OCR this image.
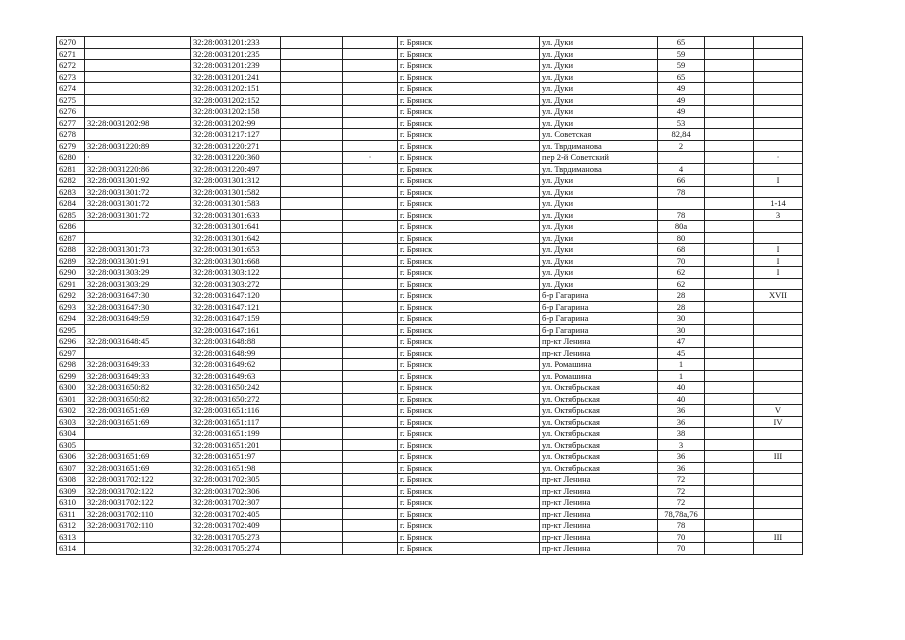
6270		32:28:0031201:233			г. Брянск	ул. Дуки	65		
6271		32:28:0031201:235			г. Брянск	ул. Дуки	59		
6272		32:28:0031201:239			г. Брянск	ул. Дуки	59		
6273		32:28:0031201:241			г. Брянск	ул. Дуки	65		
6274		32:28:0031202:151			г. Брянск	ул. Дуки	49		
6275		32:28:0031202:152			г. Брянск	ул. Дуки	49		
6276		32:28:0031202:158			г. Брянск	ул. Дуки	49		
6277	32:28:0031202:98	32:28:0031202:99			г. Брянск	ул. Дуки	53		
6278		32:28:0031217:127			г. Брянск	ул. Советская	82,84		
6279	32:28:0031220:89	32:28:0031220:271			г. Брянск	ул. Тврдиманова	2		
6280	·	32:28:0031220:360		·	г. Брянск	пер 2-й Советский			·
6281	32:28:0031220:86	32:28:0031220:497			г. Брянск	ул. Тврдиманова	4		
6282	32:28:0031301:92	32:28:0031301:312			г. Брянск	ул. Дуки	66		I
6283	32:28:0031301:72	32:28:0031301:582			г. Брянск	ул. Дуки	78		
6284	32:28:0031301:72	32:28:0031301:583			г. Брянск	ул. Дуки			1-14
6285	32:28:0031301:72	32:28:0031301:633			г. Брянск	ул. Дуки	78		3
6286		32:28:0031301:641			г. Брянск	ул. Дуки	80а		
6287		32:28:0031301:642			г. Брянск	ул. Дуки	80		
6288	32:28:0031301:73	32:28:0031301:653			г. Брянск	ул. Дуки	68		I
6289	32:28:0031301:91	32:28:0031301:668			г. Брянск	ул. Дуки	70		I
6290	32:28:0031303:29	32:28:0031303:122			г. Брянск	ул. Дуки	62		I
6291	32:28:0031303:29	32:28:0031303:272			г. Брянск	ул. Дуки	62		
6292	32:28:0031647:30	32:28:0031647:120			г. Брянск	б-р Гагарина	28		XVII
6293	32:28:0031647:30	32:28:0031647:121			г. Брянск	б-р Гагарина	28		
6294	32:28:0031649:59	32:28:0031647:159			г. Брянск	б-р Гагарина	30		
6295		32:28:0031647:161			г. Брянск	б-р Гагарина	30		
6296	32:28:0031648:45	32:28:0031648:88			г. Брянск	пр-кт Ленина	47		
6297		32:28:0031648:99			г. Брянск	пр-кт Ленина	45		
6298	32:28:0031649:33	32:28:0031649:62			г. Брянск	ул. Ромашина	1		
6299	32:28:0031649:33	32:28:0031649:63			г. Брянск	ул. Ромашина	1		
6300	32:28:0031650:82	32:28:0031650:242			г. Брянск	ул. Октябрьская	40		
6301	32:28:0031650:82	32:28:0031650:272			г. Брянск	ул. Октябрьская	40		
6302	32:28:0031651:69	32:28:0031651:116			г. Брянск	ул. Октябрьская	36		V
6303	32:28:0031651:69	32:28:0031651:117			г. Брянск	ул. Октябрьская	36		IV
6304		32:28:0031651:199			г. Брянск	ул. Октябрьская	38		
6305		32:28:0031651:201			г. Брянск	ул. Октябрьская	3		
6306	32:28:0031651:69	32:28:0031651:97			г. Брянск	ул. Октябрьская	36		III
6307	32:28:0031651:69	32:28:0031651:98			г. Брянск	ул. Октябрьская	36		
6308	32:28:0031702:122	32:28:0031702:305			г. Брянск	пр-кт Ленина	72		
6309	32:28:0031702:122	32:28:0031702:306			г. Брянск	пр-кт Ленина	72		
6310	32:28:0031702:122	32:28:0031702:307			г. Брянск	пр-кт Ленина	72		
6311	32:28:0031702:110	32:28:0031702:405			г. Брянск	пр-кт Ленина	78,78а,76		
6312	32:28:0031702:110	32:28:0031702:409			г. Брянск	пр-кт Ленина	78		
6313		32:28:0031705:273			г. Брянск	пр-кт Ленина	70		III
6314		32:28:0031705:274			г. Брянск	пр-кт Ленина	70		
